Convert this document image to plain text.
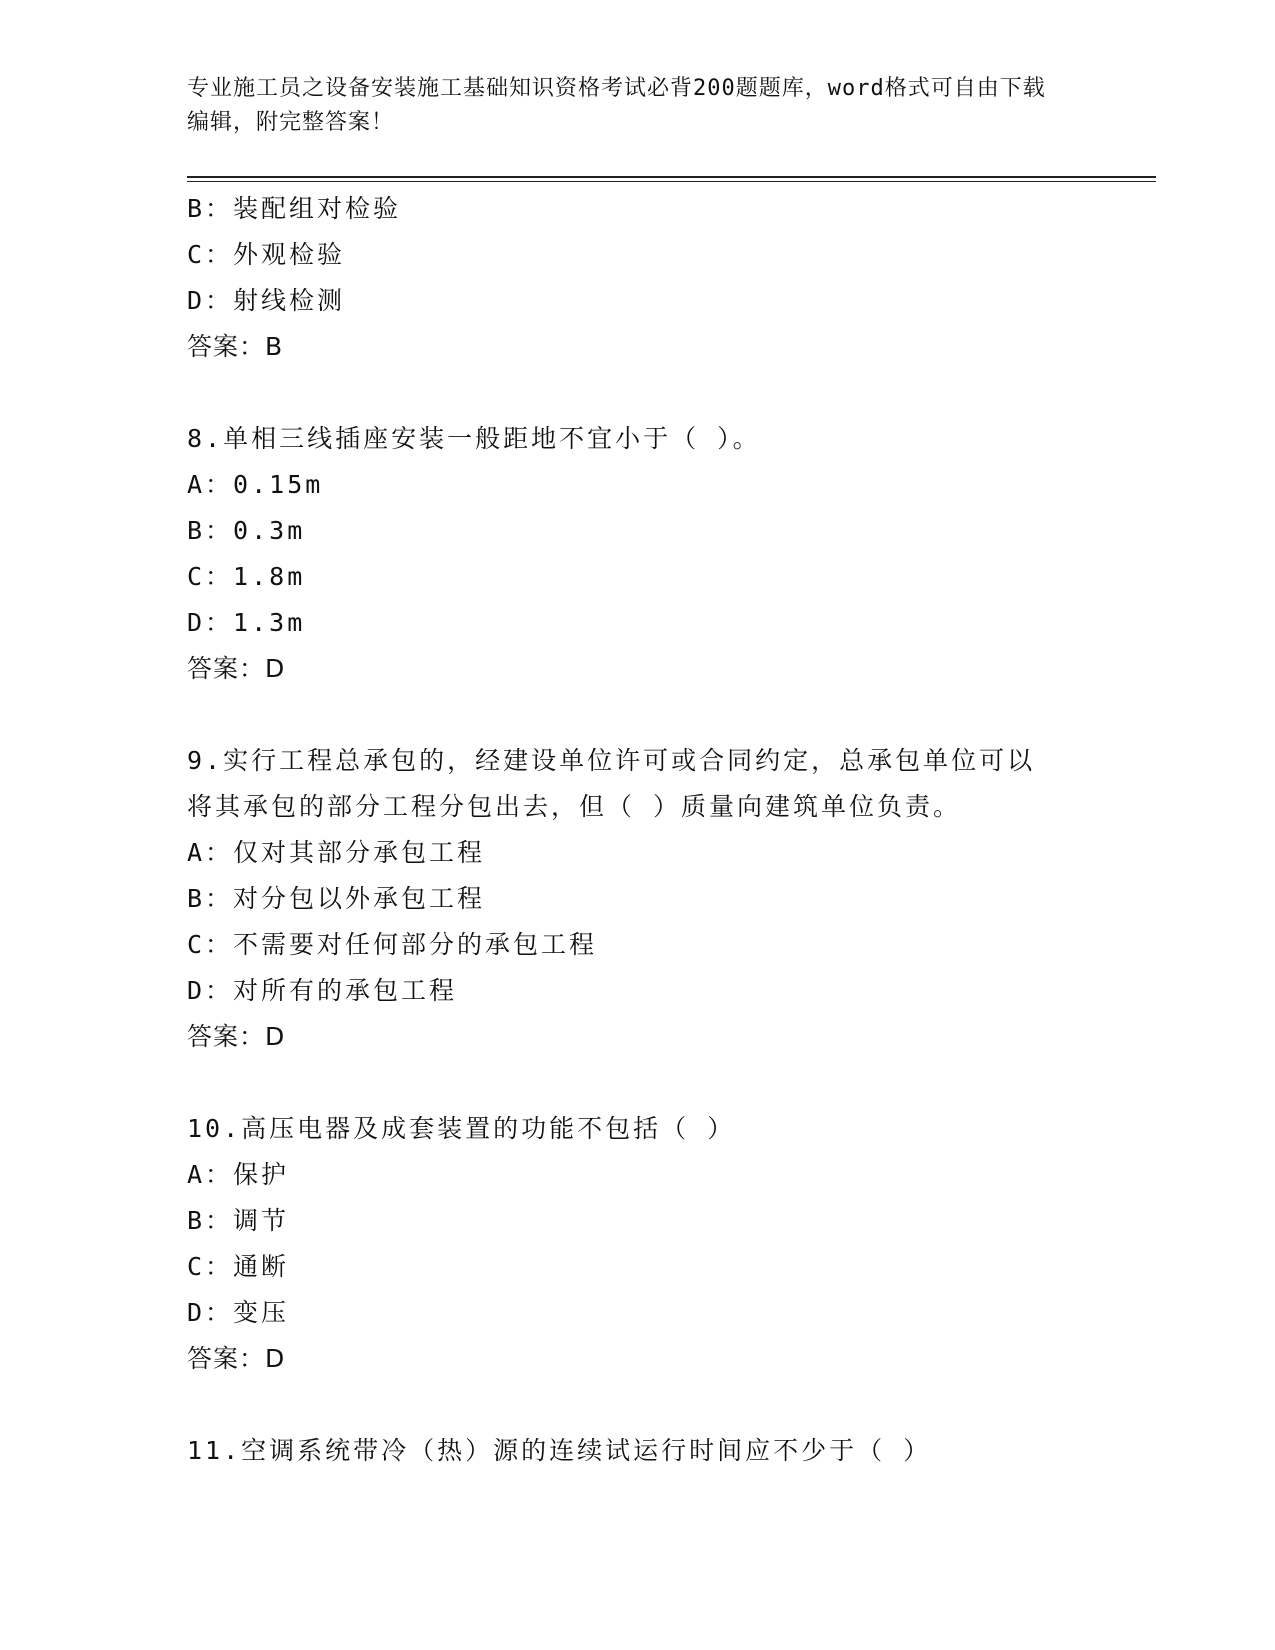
专业施工员之设备安装施工基础知识资格考试必背200题题库，word格式可自由下载编辑，附完整答案！

B：装配组对检验
C：外观检验
D：射线检测
答案：B
8.单相三线插座安装一般距地不宜小于（ ）。
A：0.15m
B：0.3m
C：1.8m
D：1.3m
答案：D
9.实行工程总承包的，经建设单位许可或合同约定，总承包单位可以
将其承包的部分工程分包出去，但（ ）质量向建筑单位负责。
A：仅对其部分承包工程
B：对分包以外承包工程
C：不需要对任何部分的承包工程
D：对所有的承包工程
答案：D
10.高压电器及成套装置的功能不包括（ ）
A：保护
B：调节
C：通断
D：变压
答案：D
11.空调系统带冷（热）源的连续试运行时间应不少于（ ）
